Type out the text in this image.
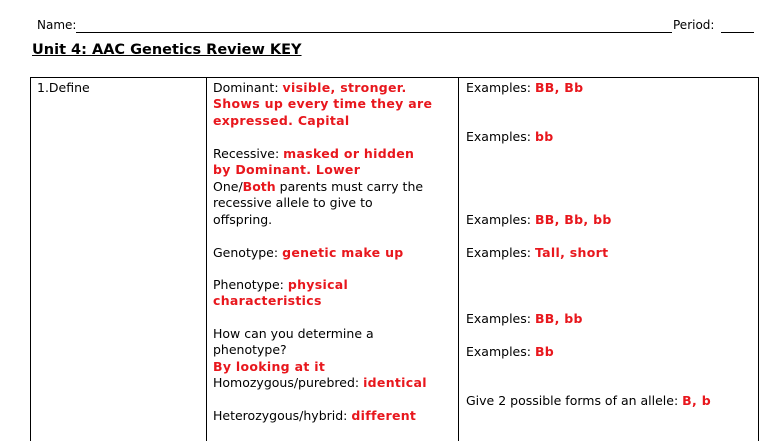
Name:	Period:
Unit 4: AAC Genetics Review KEY
1.Define	Dominant: visible, stronger.
Shows up every time they are
expressed. Capital
Recessive: masked or hidden
by Dominant. Lower
One/Both parents must carry the
recessive allele to give to
offspring.
Genotype: genetic make up
Phenotype: physical
characteristics
How can you determine a
phenotype?
By looking at it
Homozygous/purebred: identical
Heterozygous/hybrid: different
Examples: BB, Bb
Examples: bb
Examples: BB, Bb, bb
Examples: Tall, short
Examples: BB, bb
Examples: Bb
Give 2 possible forms of an allele: B, b
